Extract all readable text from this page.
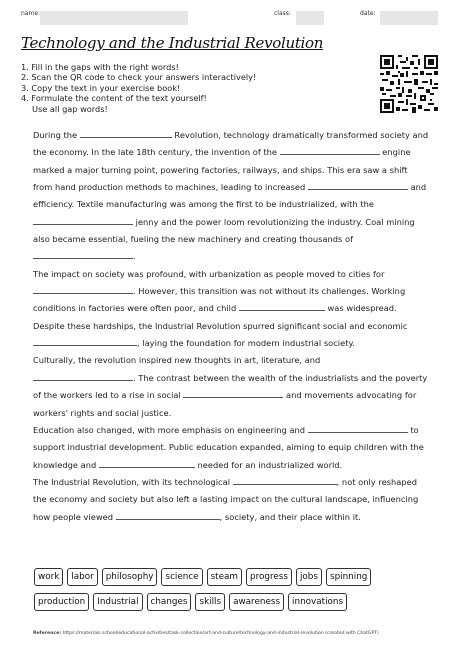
name:	class:	date:
Technology and the Industrial Revolution
1. Fill in the gaps with the right words!
2. Scan the QR code to check your answers interactively!
3. Copy the text in your exercise book!
4. Formulate the content of the text yourself!
Use all gap words!
During the	Revolution, technology dramatically transformed society and the economy. In the late 18th century, the invention of the	engine marked a major turning point, powering factories, railways, and ships. This era saw a shift from hand production methods to machines, leading to increased	and efficiency. Textile manufacturing was among the first to be industrialized, with the  jenny and the power loom revolutionizing the industry. Coal mining also became essential, fueling the new machinery and creating thousands of .
The impact on society was profound, with urbanization as people moved to cities for
. However, this transition was not without its challenges. Working conditions in factories were often poor, and child	was widespread. Despite these hardships, the Industrial Revolution spurred significant social and economic
, laying the foundation for modern industrial society.
Culturally, the revolution inspired new thoughts in art, literature, and
. The contrast between the wealth of the industrialists and the poverty of the workers led to a rise in social	and movements advocating for workers' rights and social justice.
Education also changed, with more emphasis on engineering and	to support industrial development. Public education expanded, aiming to equip children with the knowledge and	needed for an industrialized world.
The Industrial Revolution, with its technological	, not only reshaped the economy and society but also left a lasting impact on the cultural landscape, influencing how people viewed	, society, and their place within it.
work	labor	philosophy	science	steam	progress	jobs	spinning
production	Industrial	changes	skills	awareness	innovations
Reference: https://materials.school/educational-activities/task-collection/art-and-culture/technology-and-industrial-revolution (created with ChatGPT)
